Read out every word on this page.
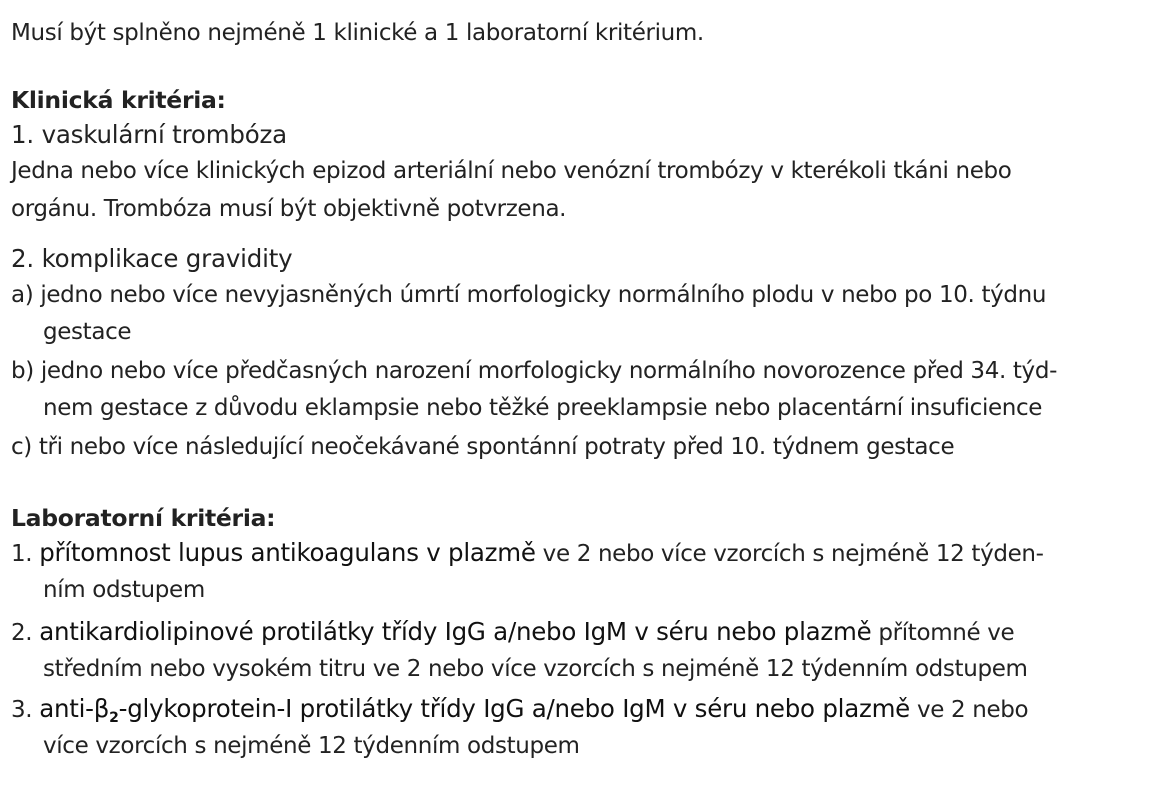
Musí být splněno nejméně 1 klinické a 1 laboratorní kritérium.
Klinická kritéria:
1. vaskulární trombóza
Jedna nebo více klinických epizod arteriální nebo venózní trombózy v kterékoli tkáni nebo
orgánu. Trombóza musí být objektivně potvrzena.
2. komplikace gravidity
a) jedno nebo více nevyjasněných úmrtí morfologicky normálního plodu v nebo po 10. týdnu
gestace
b) jedno nebo více předčasných narození morfologicky normálního novorozence před 34. týd-
nem gestace z důvodu eklampsie nebo těžké preeklampsie nebo placentární insuficience
c) tři nebo více následující neočekávané spontánní potraty před 10. týdnem gestace
Laboratorní kritéria:
1. přítomnost lupus antikoagulans v plazmě ve 2 nebo více vzorcích s nejméně 12 týden-
ním odstupem
2. antikardiolipinové protilátky třídy IgG a/nebo IgM v séru nebo plazmě přítomné ve
středním nebo vysokém titru ve 2 nebo více vzorcích s nejméně 12 týdenním odstupem
3. anti-$\beta_2-glykoprotein-I$ protilátky třídy IgG a/nebo IgM v séru nebo plazmě ve 2 nebo
více vzorcích s nejméně 12 týdenním odstupem
